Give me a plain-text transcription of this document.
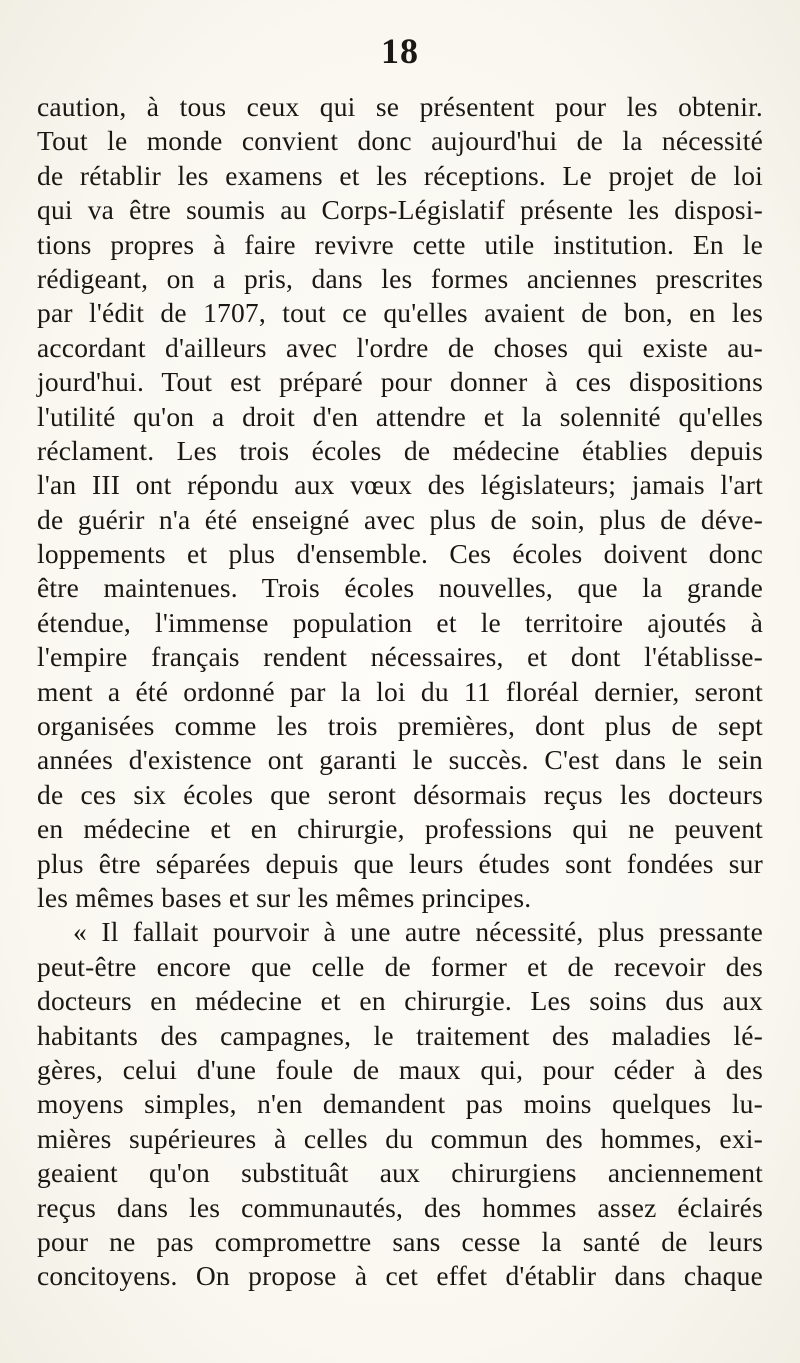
18
caution, à tous ceux qui se présentent pour les obtenir.
Tout le monde convient donc aujourd'hui de la nécessité
de rétablir les examens et les réceptions. Le projet de loi
qui va être soumis au Corps-Législatif présente les disposi-
tions propres à faire revivre cette utile institution. En le
rédigeant, on a pris, dans les formes anciennes prescrites
par l'édit de 1707, tout ce qu'elles avaient de bon, en les
accordant d'ailleurs avec l'ordre de choses qui existe au-
jourd'hui. Tout est préparé pour donner à ces dispositions
l'utilité qu'on a droit d'en attendre et la solennité qu'elles
réclament. Les trois écoles de médecine établies depuis
l'an III ont répondu aux vœux des législateurs; jamais l'art
de guérir n'a été enseigné avec plus de soin, plus de déve-
loppements et plus d'ensemble. Ces écoles doivent donc
être maintenues. Trois écoles nouvelles, que la grande
étendue, l'immense population et le territoire ajoutés à
l'empire français rendent nécessaires, et dont l'établisse-
ment a été ordonné par la loi du 11 floréal dernier, seront
organisées comme les trois premières, dont plus de sept
années d'existence ont garanti le succès. C'est dans le sein
de ces six écoles que seront désormais reçus les docteurs
en médecine et en chirurgie, professions qui ne peuvent
plus être séparées depuis que leurs études sont fondées sur
les mêmes bases et sur les mêmes principes.
« Il fallait pourvoir à une autre nécessité, plus pressante
peut-être encore que celle de former et de recevoir des
docteurs en médecine et en chirurgie. Les soins dus aux
habitants des campagnes, le traitement des maladies lé-
gères, celui d'une foule de maux qui, pour céder à des
moyens simples, n'en demandent pas moins quelques lu-
mières supérieures à celles du commun des hommes, exi-
geaient qu'on substituât aux chirurgiens anciennement
reçus dans les communautés, des hommes assez éclairés
pour ne pas compromettre sans cesse la santé de leurs
concitoyens. On propose à cet effet d'établir dans chaque
